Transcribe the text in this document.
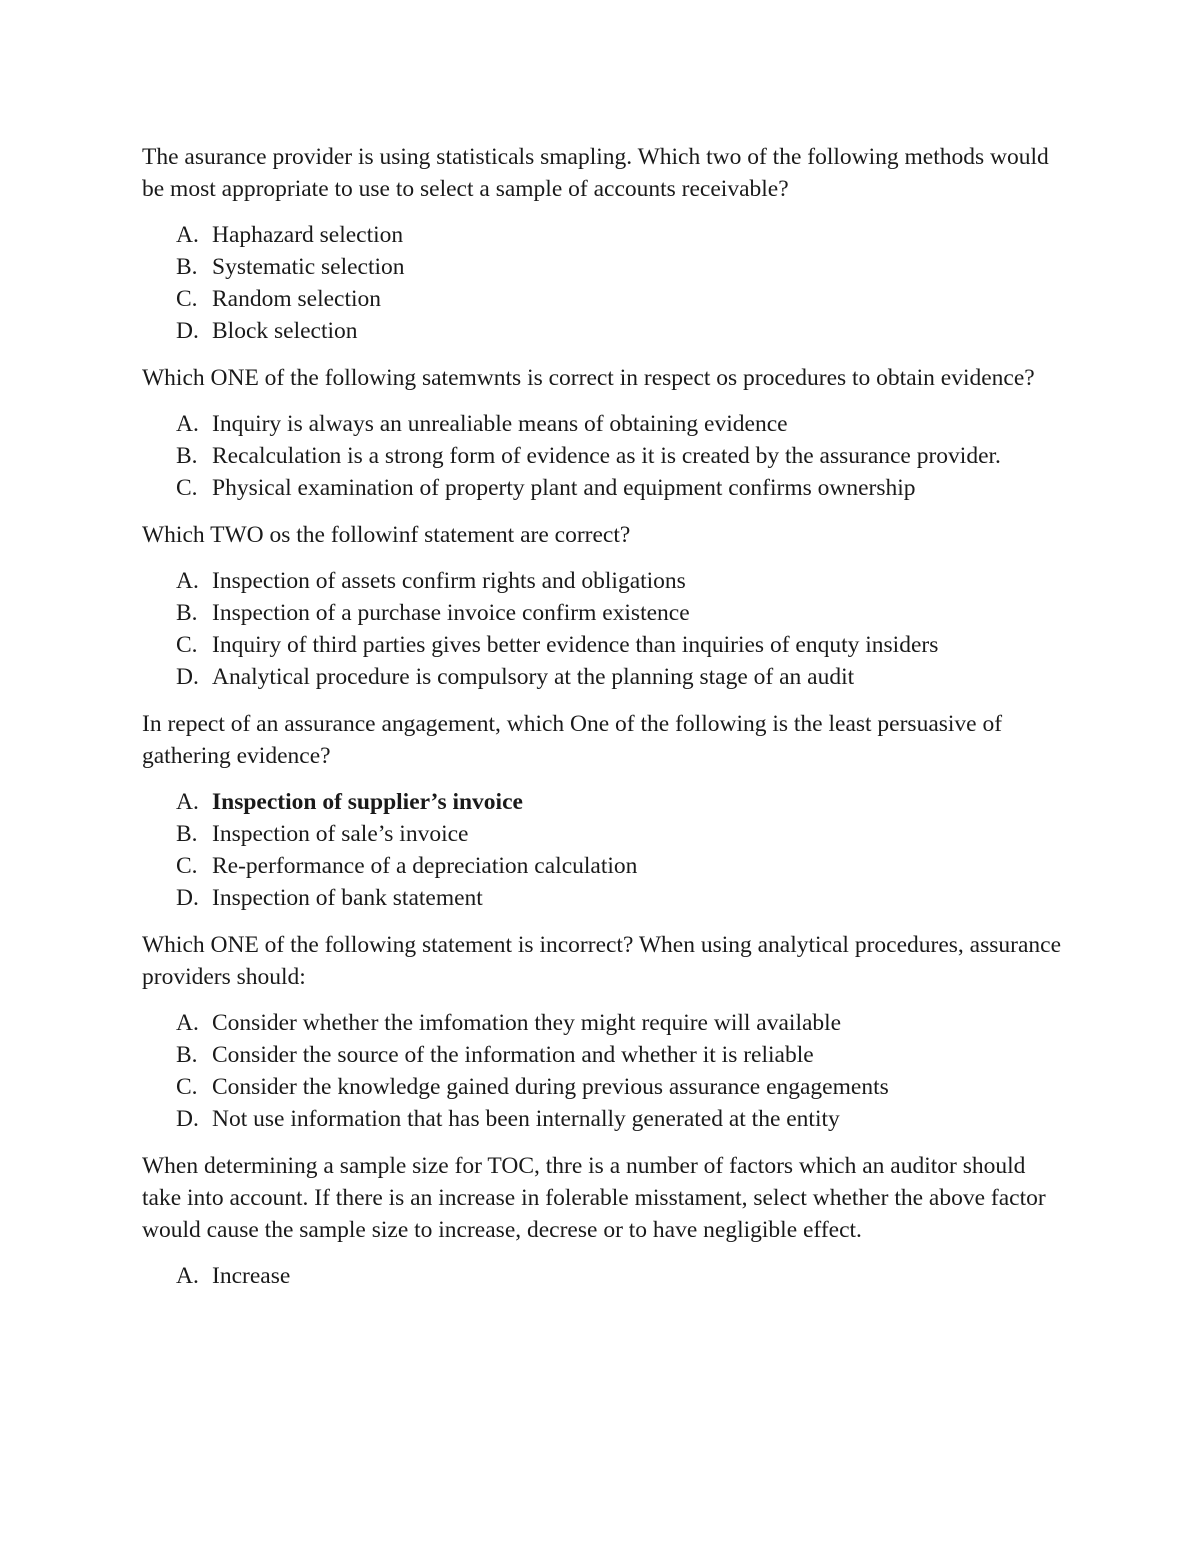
The asurance provider is using statisticals smapling. Which two of the following methods would be most appropriate to use to select a sample of accounts receivable?

A. Haphazard selection
B. Systematic selection
C. Random selection
D. Block selection

Which ONE of the following satemwnts is correct in respect os procedures to obtain evidence?

A. Inquiry is always an unrealiable means of obtaining evidence
B. Recalculation is a strong form of evidence as it is created by the assurance provider.
C. Physical examination of property plant and equipment confirms ownership

Which TWO os the followinf statement are correct?

A. Inspection of assets confirm rights and obligations
B. Inspection of a purchase invoice confirm existence
C. Inquiry of third parties gives better evidence than inquiries of enquty insiders
D. Analytical procedure is compulsory at the planning stage of an audit

In repect of an assurance angagement, which One of the following is the least persuasive of gathering evidence?

A. Inspection of supplier’s invoice
B. Inspection of sale’s invoice
C. Re-performance of a depreciation calculation
D. Inspection of bank statement

Which ONE of the following statement is incorrect? When using analytical procedures, assurance providers should:

A. Consider whether the imfomation they might require will available
B. Consider the source of the information and whether it is reliable
C. Consider the knowledge gained during previous assurance engagements
D. Not use information that has been internally generated at the entity

When determining a sample size for TOC, thre is a number of factors which an auditor should take into account. If there is an increase in folerable misstament, select whether the above factor would cause the sample size to increase, decrese or to have negligible effect.

A. Increase
